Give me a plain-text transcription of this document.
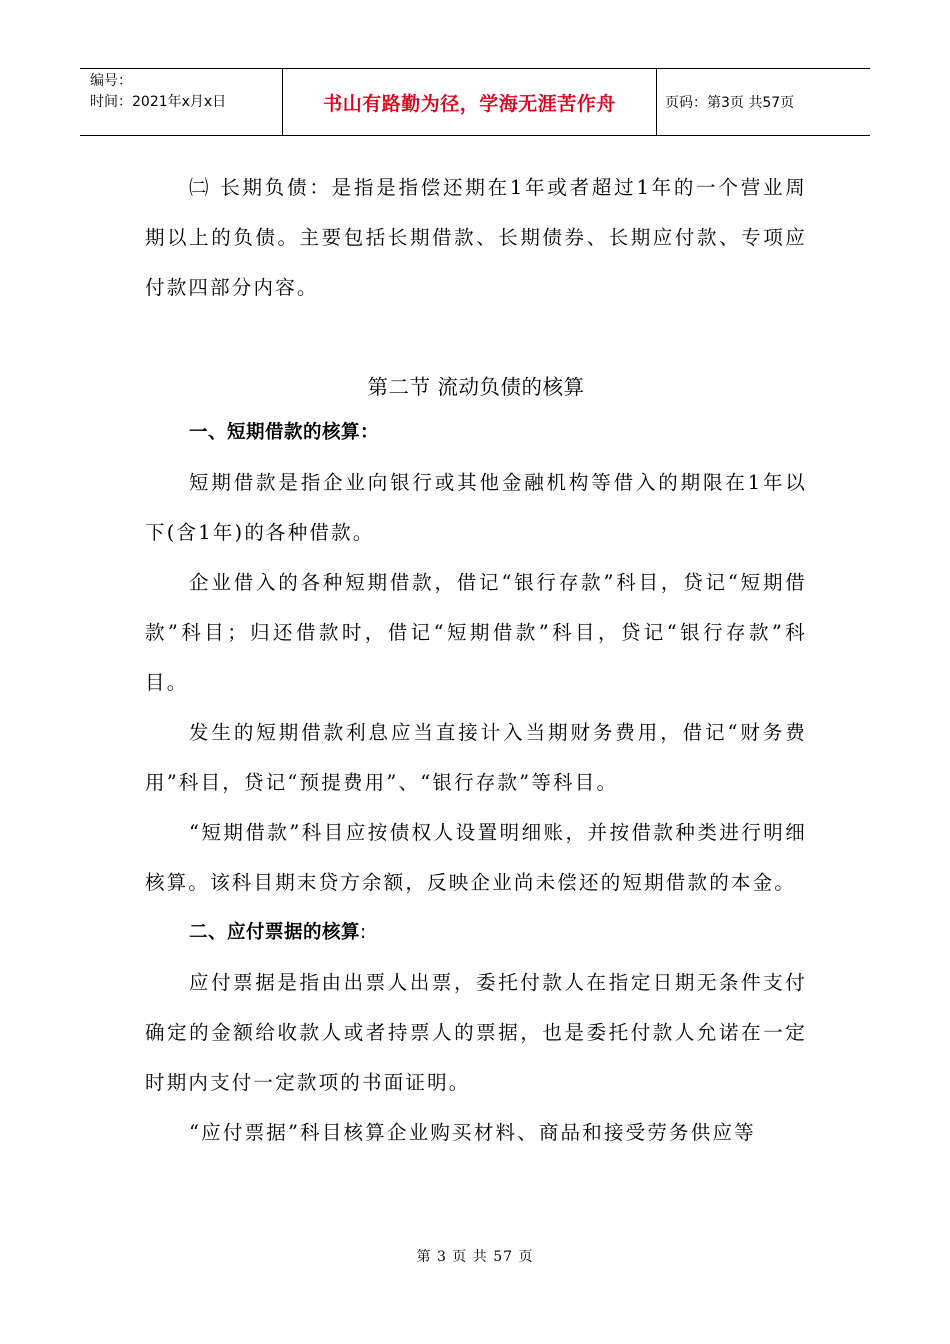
编号：
时间：2021年x月x日	书山有路勤为径，学海无涯苦作舟	页码：第3页 共57页

㈡ 长期负债：是指是指偿还期在1年或者超过1年的一个营业周期以上的负债。主要包括长期借款、长期债券、长期应付款、专项应付款四部分内容。

第二节 流动负债的核算

一、短期借款的核算：

短期借款是指企业向银行或其他金融机构等借入的期限在1年以下(含1年)的各种借款。

企业借入的各种短期借款，借记“银行存款”科目，贷记“短期借款”科目；归还借款时，借记“短期借款”科目，贷记“银行存款”科目。

发生的短期借款利息应当直接计入当期财务费用，借记“财务费用”科目，贷记“预提费用”、“银行存款”等科目。

“短期借款”科目应按债权人设置明细账，并按借款种类进行明细核算。该科目期末贷方余额，反映企业尚未偿还的短期借款的本金。

二、应付票据的核算:

应付票据是指由出票人出票，委托付款人在指定日期无条件支付确定的金额给收款人或者持票人的票据，也是委托付款人允诺在一定时期内支付一定款项的书面证明。

“应付票据”科目核算企业购买材料、商品和接受劳务供应等

第 3 页 共 57 页
